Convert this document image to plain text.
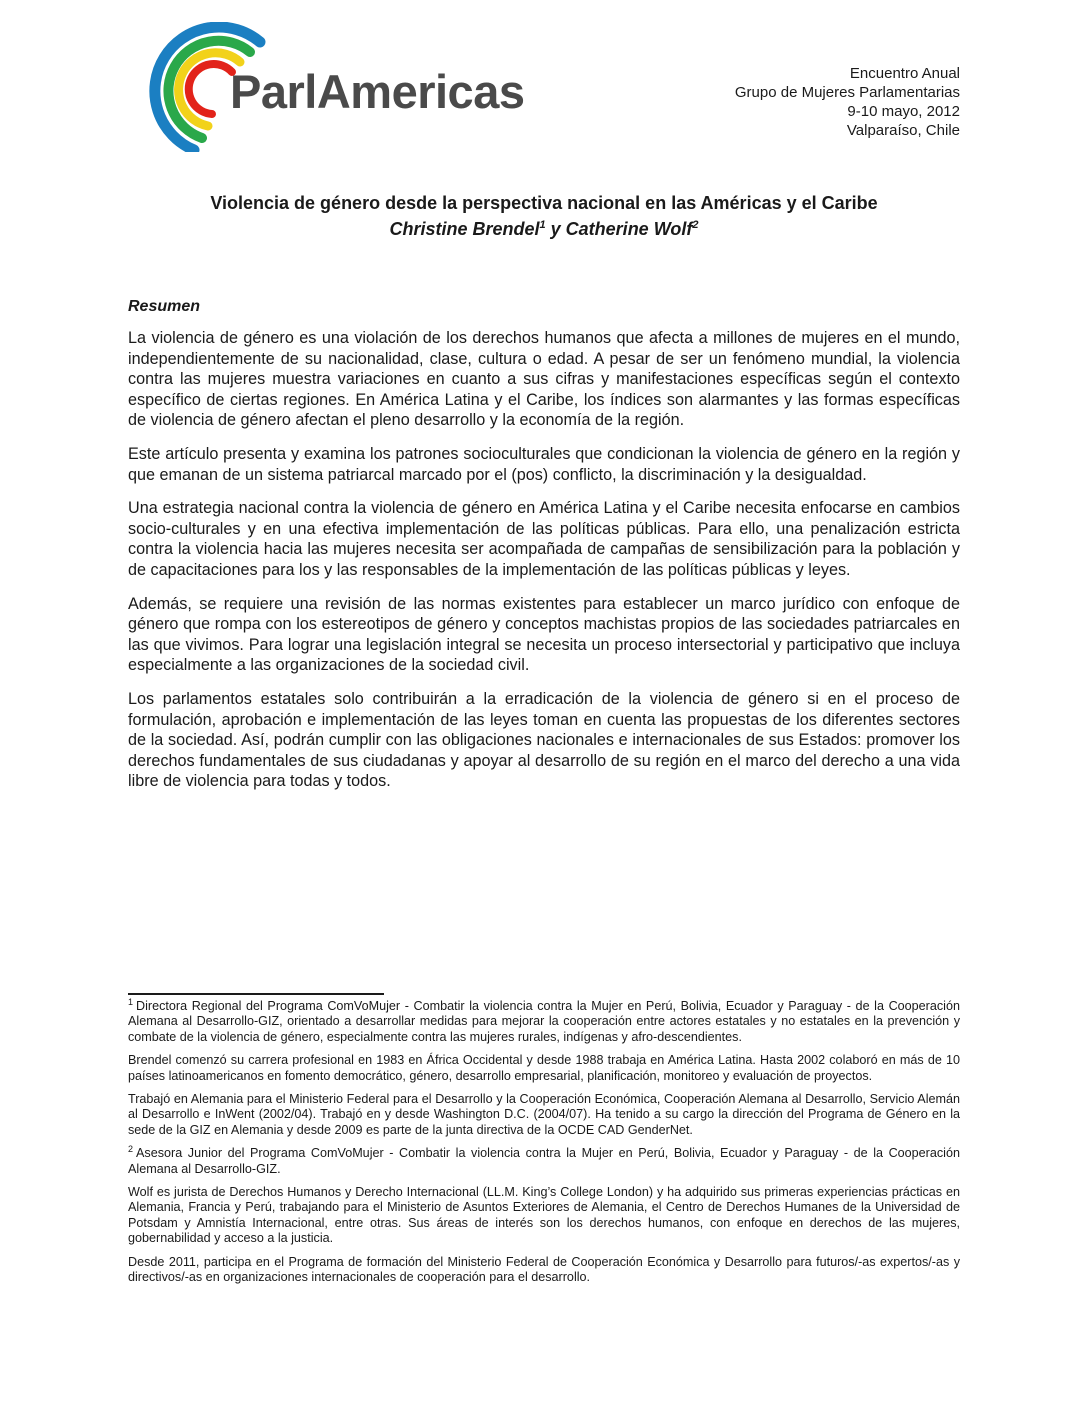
ParlAmericas	Encuentro Anual
Grupo de Mujeres Parlamentarias
9-10 mayo, 2012
Valparaíso, Chile
Violencia de género desde la perspectiva nacional en las Américas y el Caribe
Christine Brendel$^1$ y Catherine Wolf$^2$
Resumen

La violencia de género es una violación de los derechos humanos que afecta a millones de mujeres en el mundo, independientemente de su nacionalidad, clase, cultura o edad. A pesar de ser un fenómeno mundial, la violencia contra las mujeres muestra variaciones en cuanto a sus cifras y manifestaciones específicas según el contexto específico de ciertas regiones. En América Latina y el Caribe, los índices son alarmantes y las formas específicas de violencia de género afectan el pleno desarrollo y la economía de la región.

Este artículo presenta y examina los patrones socioculturales que condicionan la violencia de género en la región y que emanan de un sistema patriarcal marcado por el (pos) conflicto, la discriminación y la desigualdad.

Una estrategia nacional contra la violencia de género en América Latina y el Caribe necesita enfocarse en cambios socio-culturales y en una efectiva implementación de las políticas públicas. Para ello, una penalización estricta contra la violencia hacia las mujeres necesita ser acompañada de campañas de sensibilización para la población y de capacitaciones para los y las responsables de la implementación de las políticas públicas y leyes.

Además, se requiere una revisión de las normas existentes para establecer un marco jurídico con enfoque de género que rompa con los estereotipos de género y conceptos machistas propios de las sociedades patriarcales en las que vivimos. Para lograr una legislación integral se necesita un proceso intersectorial y participativo que incluya especialmente a las organizaciones de la sociedad civil.

Los parlamentos estatales solo contribuirán a la erradicación de la violencia de género si en el proceso de formulación, aprobación e implementación de las leyes toman en cuenta las propuestas de los diferentes sectores de la sociedad. Así, podrán cumplir con las obligaciones nacionales e internacionales de sus Estados: promover los derechos fundamentales de sus ciudadanas y apoyar al desarrollo de su región en el marco del derecho a una vida libre de violencia para todas y todos.

$^1$ Directora Regional del Programa ComVoMujer - Combatir la violencia contra la Mujer en Perú, Bolivia, Ecuador y Paraguay - de la Cooperación Alemana al Desarrollo-GIZ, orientado a desarrollar medidas para mejorar la cooperación entre actores estatales y no estatales en la prevención y combate de la violencia de género, especialmente contra las mujeres rurales, indígenas y afro-descendientes.

Brendel comenzó su carrera profesional en 1983 en África Occidental y desde 1988 trabaja en América Latina. Hasta 2002 colaboró en más de 10 países latinoamericanos en fomento democrático, género, desarrollo empresarial, planificación, monitoreo y evaluación de proyectos.

Trabajó en Alemania para el Ministerio Federal para el Desarrollo y la Cooperación Económica, Cooperación Alemana al Desarrollo, Servicio Alemán al Desarrollo e InWent (2002/04). Trabajó en y desde Washington D.C. (2004/07). Ha tenido a su cargo la dirección del Programa de Género en la sede de la GIZ en Alemania y desde 2009 es parte de la junta directiva de la OCDE CAD GenderNet.

$^2$ Asesora Junior del Programa ComVoMujer - Combatir la violencia contra la Mujer en Perú, Bolivia, Ecuador y Paraguay - de la Cooperación Alemana al Desarrollo-GIZ.

Wolf es jurista de Derechos Humanos y Derecho Internacional (LL.M. King’s College London) y ha adquirido sus primeras experiencias prácticas en Alemania, Francia y Perú, trabajando para el Ministerio de Asuntos Exteriores de Alemania, el Centro de Derechos Humanes de la Universidad de Potsdam y Amnistía Internacional, entre otras. Sus áreas de interés son los derechos humanos, con enfoque en derechos de las mujeres, gobernabilidad y acceso a la justicia.

Desde 2011, participa en el Programa de formación del Ministerio Federal de Cooperación Económica y Desarrollo para futuros/-as expertos/-as y directivos/-as en organizaciones internacionales de cooperación para el desarrollo.
